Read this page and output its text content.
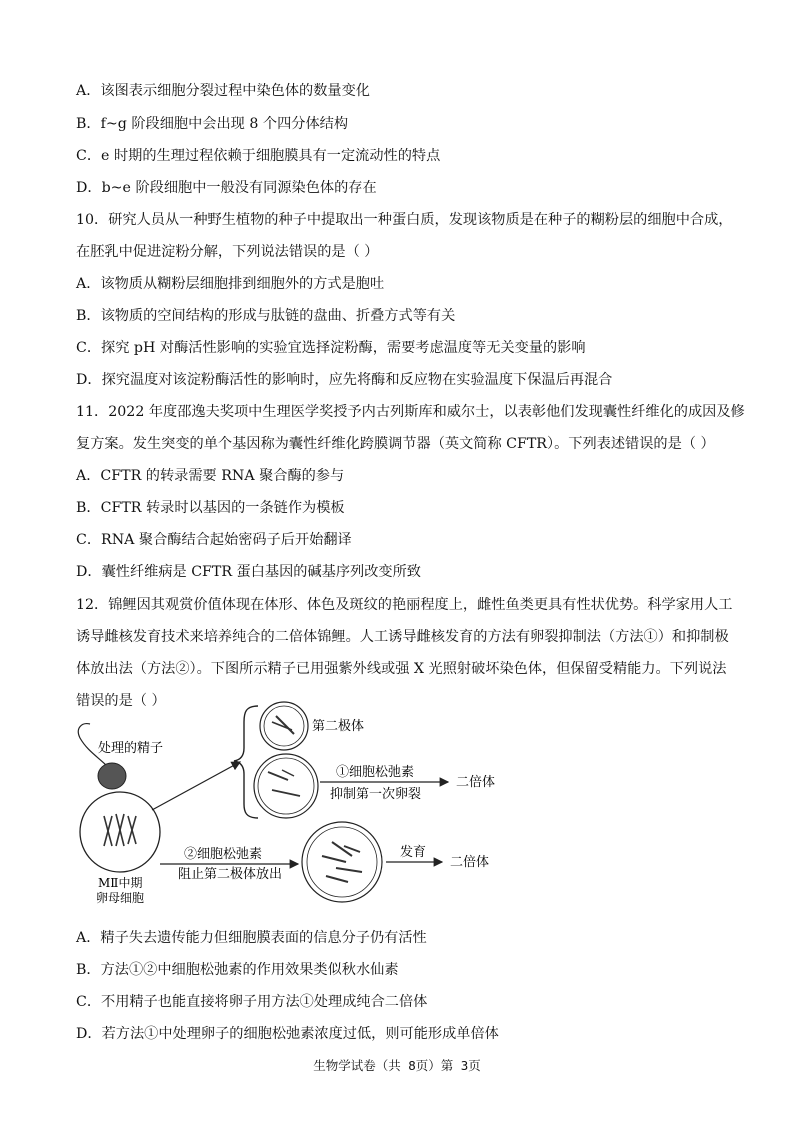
A．该图表示细胞分裂过程中染色体的数量变化
B．f~g 阶段细胞中会出现 8 个四分体结构
C．e 时期的生理过程依赖于细胞膜具有一定流动性的特点
D．b~e 阶段细胞中一般没有同源染色体的存在
10．研究人员从一种野生植物的种子中提取出一种蛋白质，发现该物质是在种子的糊粉层的细胞中合成，
在胚乳中促进淀粉分解，下列说法错误的是（ ）
A．该物质从糊粉层细胞排到细胞外的方式是胞吐
B．该物质的空间结构的形成与肽链的盘曲、折叠方式等有关
C．探究 pH 对酶活性影响的实验宜选择淀粉酶，需要考虑温度等无关变量的影响
D．探究温度对该淀粉酶活性的影响时，应先将酶和反应物在实验温度下保温后再混合
11．2022 年度邵逸夫奖项中生理医学奖授予内古列斯库和威尔士，以表彰他们发现囊性纤维化的成因及修
复方案。发生突变的单个基因称为囊性纤维化跨膜调节器（英文简称 CFTR）。下列表述错误的是（ ）
A．CFTR 的转录需要 RNA 聚合酶的参与
B．CFTR 转录时以基因的一条链作为模板
C．RNA 聚合酶结合起始密码子后开始翻译
D．囊性纤维病是 CFTR 蛋白基因的碱基序列改变所致
12．锦鲤因其观赏价值体现在体形、体色及斑纹的艳丽程度上，雌性鱼类更具有性状优势。科学家用人工
诱导雌核发育技术来培养纯合的二倍体锦鲤。人工诱导雌核发育的方法有卵裂抑制法（方法①）和抑制极
体放出法（方法②）。下图所示精子已用强紫外线或强 X 光照射破坏染色体，但保留受精能力。下列说法
错误的是（ ）
处理的精子
MⅡ中期
卵母细胞
第二极体
①细胞松弛素
抑制第一次卵裂
二倍体
②细胞松弛素
阻止第二极体放出
发育
二倍体
A．精子失去遗传能力但细胞膜表面的信息分子仍有活性
B．方法①②中细胞松弛素的作用效果类似秋水仙素
C．不用精子也能直接将卵子用方法①处理成纯合二倍体
D．若方法①中处理卵子的细胞松弛素浓度过低，则可能形成单倍体
生物学试卷（共 8页）第 3页
